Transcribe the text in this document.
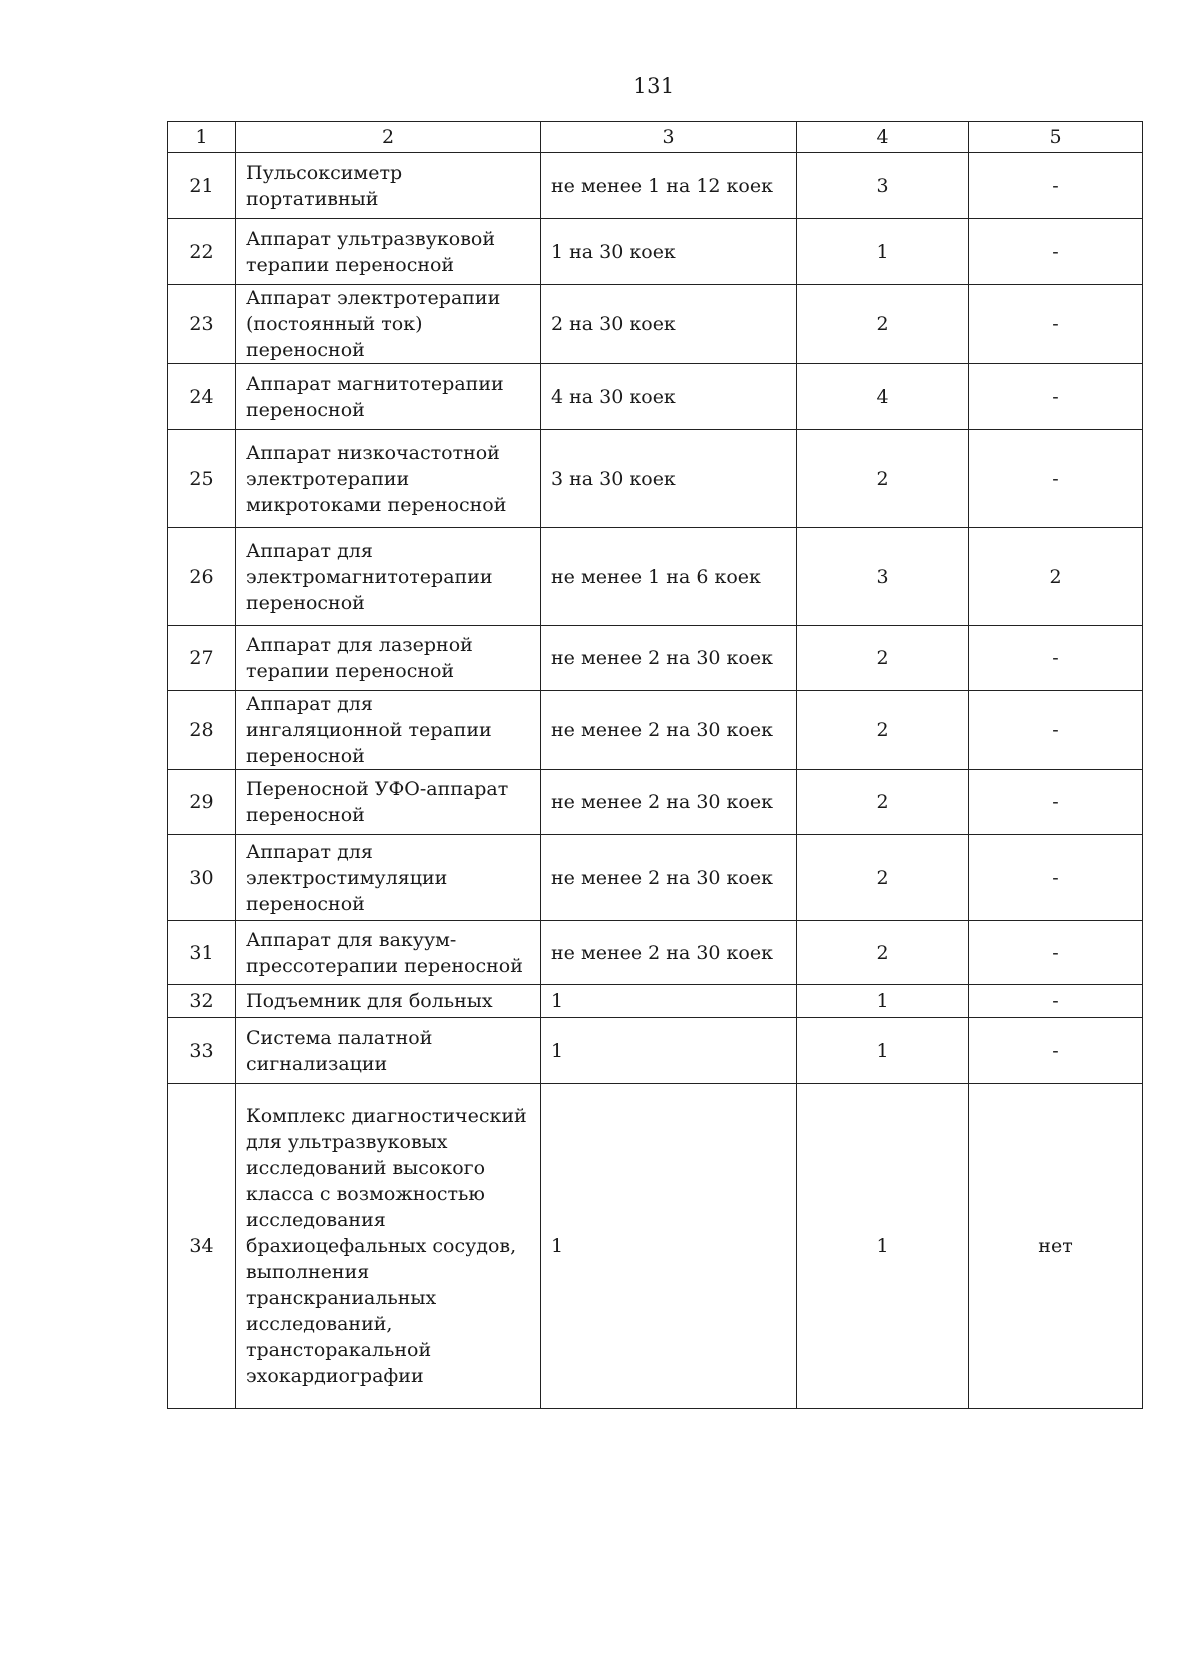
131
1	2	3	4	5
21	Пульсоксиметр портативный	не менее 1 на 12 коек	3	-
22	Аппарат ультразвуковой терапии переносной	1 на 30 коек	1	-
23	Аппарат электротерапии (постоянный ток) переносной	2 на 30 коек	2	-
24	Аппарат магнитотерапии переносной	4 на 30 коек	4	-
25	Аппарат низкочастотной электротерапии микротоками переносной	3 на 30 коек	2	-
26	Аппарат для электромагнитотерапии переносной	не менее 1 на 6 коек	3	2
27	Аппарат для лазерной терапии переносной	не менее 2 на 30 коек	2	-
28	Аппарат для ингаляционной терапии переносной	не менее 2 на 30 коек	2	-
29	Переносной УФО-аппарат переносной	не менее 2 на 30 коек	2	-
30	Аппарат для электростимуляции переносной	не менее 2 на 30 коек	2	-
31	Аппарат для вакуум-прессотерапии переносной	не менее 2 на 30 коек	2	-
32	Подъемник для больных	1	1	-
33	Система палатной сигнализации	1	1	-
34	Комплекс диагностический для ультразвуковых исследований высокого класса с возможностью исследования брахиоцефальных сосудов, выполнения транскраниальных исследований, трансторакальной эхокардиографии	1	1	нет
